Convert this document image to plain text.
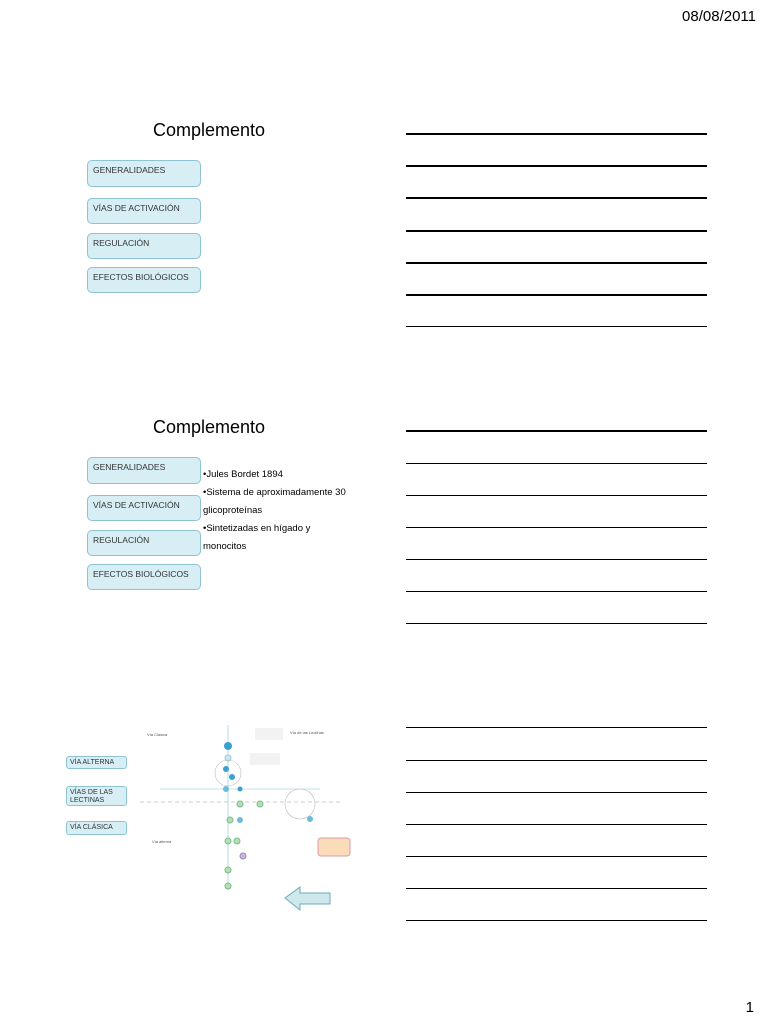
08/08/2011
Complemento
GENERALIDADES
VÍAS DE ACTIVACIÓN
REGULACIÓN
EFECTOS BIOLÓGICOS
Complemento
GENERALIDADES
VÍAS DE ACTIVACIÓN
REGULACIÓN
EFECTOS BIOLÓGICOS
•Jules Bordet 1894
•Sistema de aproximadamente 30 glicoproteínas
•Sintetizadas en hígado y monocitos
VÍA ALTERNA
VÍAS DE LAS LECTINAS
VÍA CLÁSICA
Vía Clásica	Vía de las Lectinas
Vía alterna
1
